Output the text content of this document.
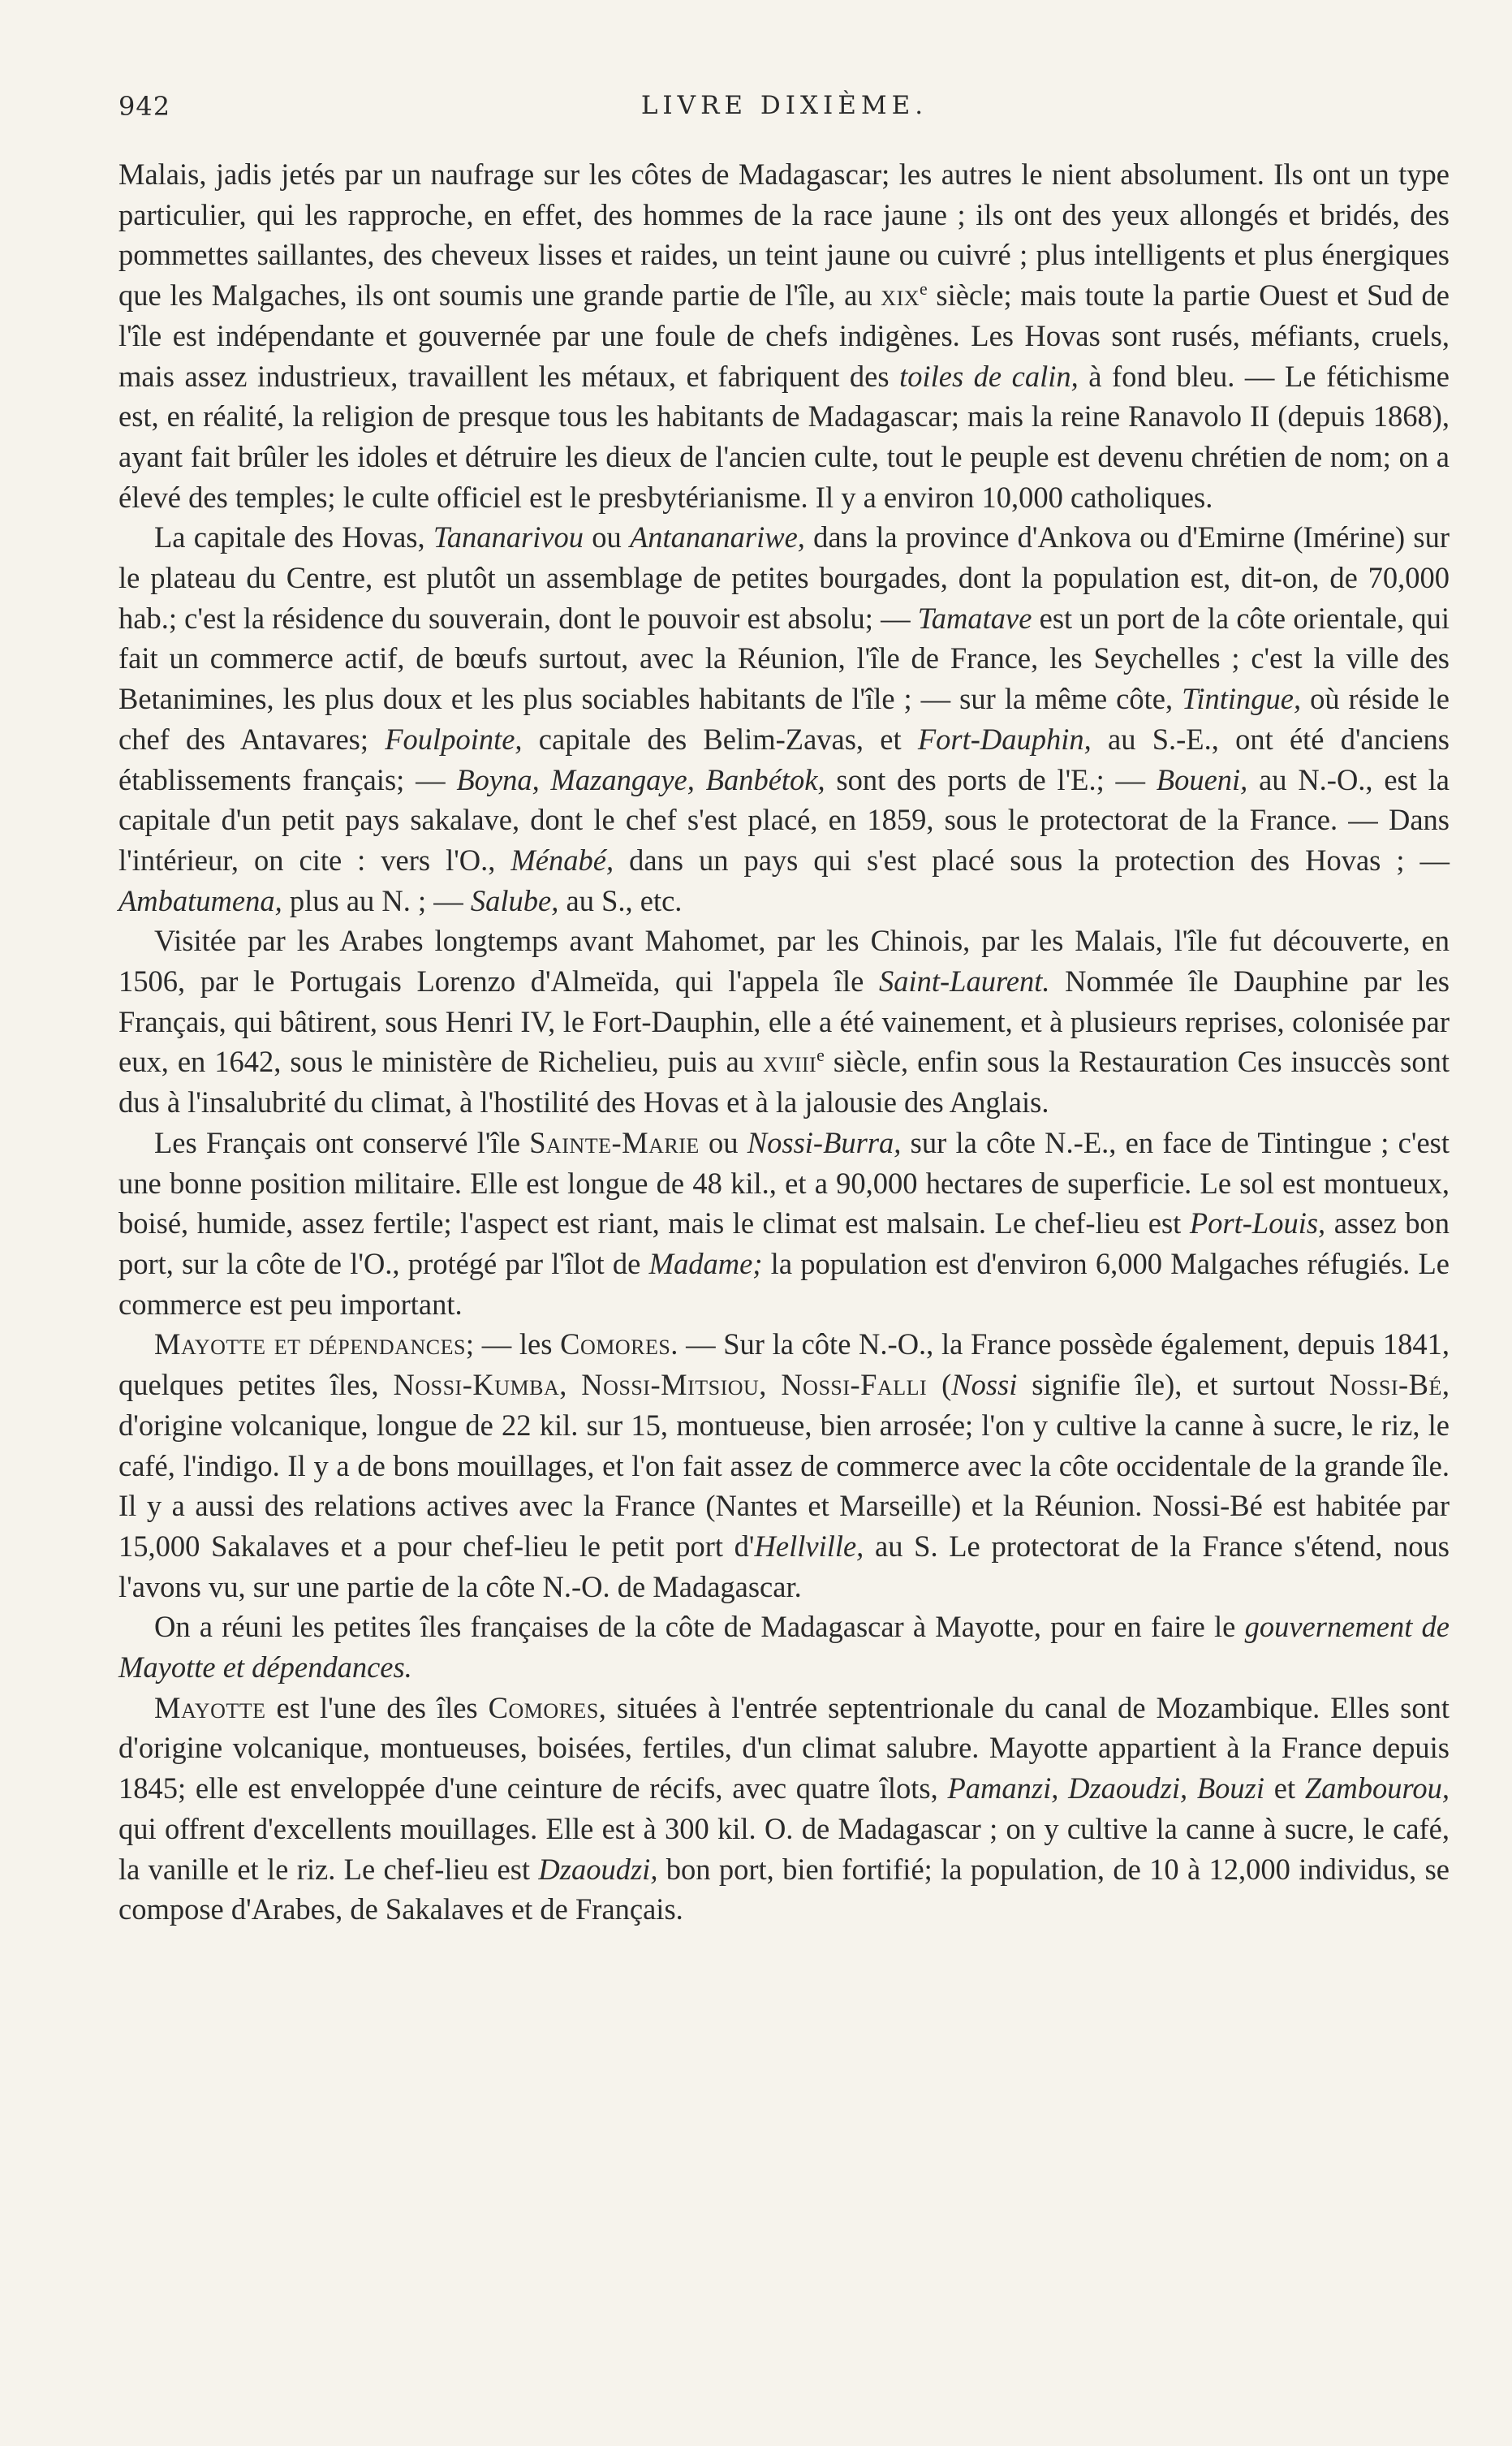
942	LIVRE DIXIÈME.

Malais, jadis jetés par un naufrage sur les côtes de Madagascar; les autres le nient absolument. Ils ont un type particulier, qui les rapproche, en effet, des hommes de la race jaune ; ils ont des yeux allongés et bridés, des pommettes saillantes, des cheveux lisses et raides, un teint jaune ou cuivré ; plus intelligents et plus énergiques que les Malgaches, ils ont soumis une grande partie de l'île, au xix$^e$ siècle; mais toute la partie Ouest et Sud de l'île est indépendante et gouvernée par une foule de chefs indigènes. Les Hovas sont rusés, méfiants, cruels, mais assez industrieux, travaillent les métaux, et fabriquent des toiles de calin, à fond bleu. — Le fétichisme est, en réalité, la religion de presque tous les habitants de Madagascar; mais la reine Ranavolo II (depuis 1868), ayant fait brûler les idoles et détruire les dieux de l'ancien culte, tout le peuple est devenu chrétien de nom; on a élevé des temples; le culte officiel est le presbytérianisme. Il y a environ 10,000 catholiques.

La capitale des Hovas, Tananarivou ou Antananariwe, dans la province d'Ankova ou d'Emirne (Imérine) sur le plateau du Centre, est plutôt un assemblage de petites bourgades, dont la population est, dit-on, de 70,000 hab.; c'est la résidence du souverain, dont le pouvoir est absolu; — Tamatave est un port de la côte orientale, qui fait un commerce actif, de bœufs surtout, avec la Réunion, l'île de France, les Seychelles ; c'est la ville des Betanimines, les plus doux et les plus sociables habitants de l'île ; — sur la même côte, Tintingue, où réside le chef des Antavares; Foulpointe, capitale des Belim-Zavas, et Fort-Dauphin, au S.-E., ont été d'anciens établissements français; — Boyna, Mazangaye, Banbétok, sont des ports de l'E.; — Boueni, au N.-O., est la capitale d'un petit pays sakalave, dont le chef s'est placé, en 1859, sous le protectorat de la France. — Dans l'intérieur, on cite : vers l'O., Ménabé, dans un pays qui s'est placé sous la protection des Hovas ; — Ambatumena, plus au N. ; — Salube, au S., etc.

Visitée par les Arabes longtemps avant Mahomet, par les Chinois, par les Malais, l'île fut découverte, en 1506, par le Portugais Lorenzo d'Almeïda, qui l'appela île Saint-Laurent. Nommée île Dauphine par les Français, qui bâtirent, sous Henri IV, le Fort-Dauphin, elle a été vainement, et à plusieurs reprises, colonisée par eux, en 1642, sous le ministère de Richelieu, puis au xviii$^e$ siècle, enfin sous la Restauration Ces insuccès sont dus à l'insalubrité du climat, à l'hostilité des Hovas et à la jalousie des Anglais.

Les Français ont conservé l'île Sainte-Marie ou Nossi-Burra, sur la côte N.-E., en face de Tintingue ; c'est une bonne position militaire. Elle est longue de 48 kil., et a 90,000 hectares de superficie. Le sol est montueux, boisé, humide, assez fertile; l'aspect est riant, mais le climat est malsain. Le chef-lieu est Port-Louis, assez bon port, sur la côte de l'O., protégé par l'îlot de Madame; la population est d'environ 6,000 Malgaches réfugiés. Le commerce est peu important.

Mayotte et dépendances; — les Comores. — Sur la côte N.-O., la France possède également, depuis 1841, quelques petites îles, Nossi-Kumba, Nossi-Mitsiou, Nossi-Falli (Nossi signifie île), et surtout Nossi-Bé, d'origine volcanique, longue de 22 kil. sur 15, montueuse, bien arrosée; l'on y cultive la canne à sucre, le riz, le café, l'indigo. Il y a de bons mouillages, et l'on fait assez de commerce avec la côte occidentale de la grande île. Il y a aussi des relations actives avec la France (Nantes et Marseille) et la Réunion. Nossi-Bé est habitée par 15,000 Sakalaves et a pour chef-lieu le petit port d'Hellville, au S. Le protectorat de la France s'étend, nous l'avons vu, sur une partie de la côte N.-O. de Madagascar.

On a réuni les petites îles françaises de la côte de Madagascar à Mayotte, pour en faire le gouvernement de Mayotte et dépendances.

Mayotte est l'une des îles Comores, situées à l'entrée septentrionale du canal de Mozambique. Elles sont d'origine volcanique, montueuses, boisées, fertiles, d'un climat salubre. Mayotte appartient à la France depuis 1845; elle est enveloppée d'une ceinture de récifs, avec quatre îlots, Pamanzi, Dzaoudzi, Bouzi et Zambourou, qui offrent d'excellents mouillages. Elle est à 300 kil. O. de Madagascar ; on y cultive la canne à sucre, le café, la vanille et le riz. Le chef-lieu est Dzaoudzi, bon port, bien fortifié; la population, de 10 à 12,000 individus, se compose d'Arabes, de Sakalaves et de Français.
